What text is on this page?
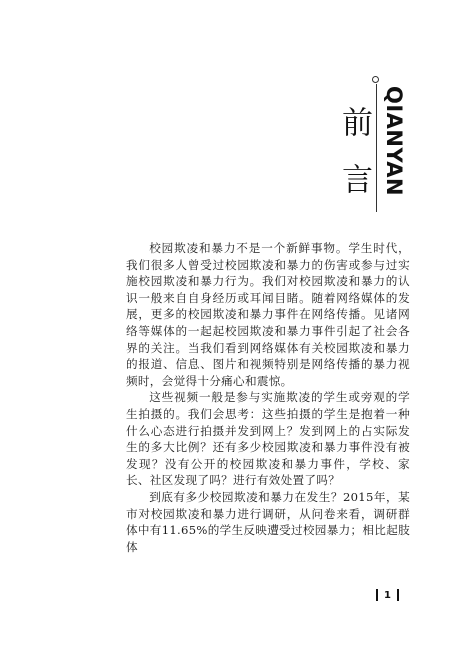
QIANYAN
前言

校园欺凌和暴力不是一个新鲜事物。学生时代，我们很多人曾受过校园欺凌和暴力的伤害或参与过实施校园欺凌和暴力行为。我们对校园欺凌和暴力的认识一般来自自身经历或耳闻目睹。随着网络媒体的发展，更多的校园欺凌和暴力事件在网络传播。见诸网络等媒体的一起起校园欺凌和暴力事件引起了社会各界的关注。当我们看到网络媒体有关校园欺凌和暴力的报道、信息、图片和视频特别是网络传播的暴力视频时，会觉得十分痛心和震惊。

这些视频一般是参与实施欺凌的学生或旁观的学生拍摄的。我们会思考：这些拍摄的学生是抱着一种什么心态进行拍摄并发到网上？发到网上的占实际发生的多大比例？还有多少校园欺凌和暴力事件没有被发现？没有公开的校园欺凌和暴力事件，学校、家长、社区发现了吗？进行有效处置了吗？

到底有多少校园欺凌和暴力在发生？2015年，某市对校园欺凌和暴力进行调研，从问卷来看，调研群体中有11.65%的学生反映遭受过校园暴力；相比起肢体

1
